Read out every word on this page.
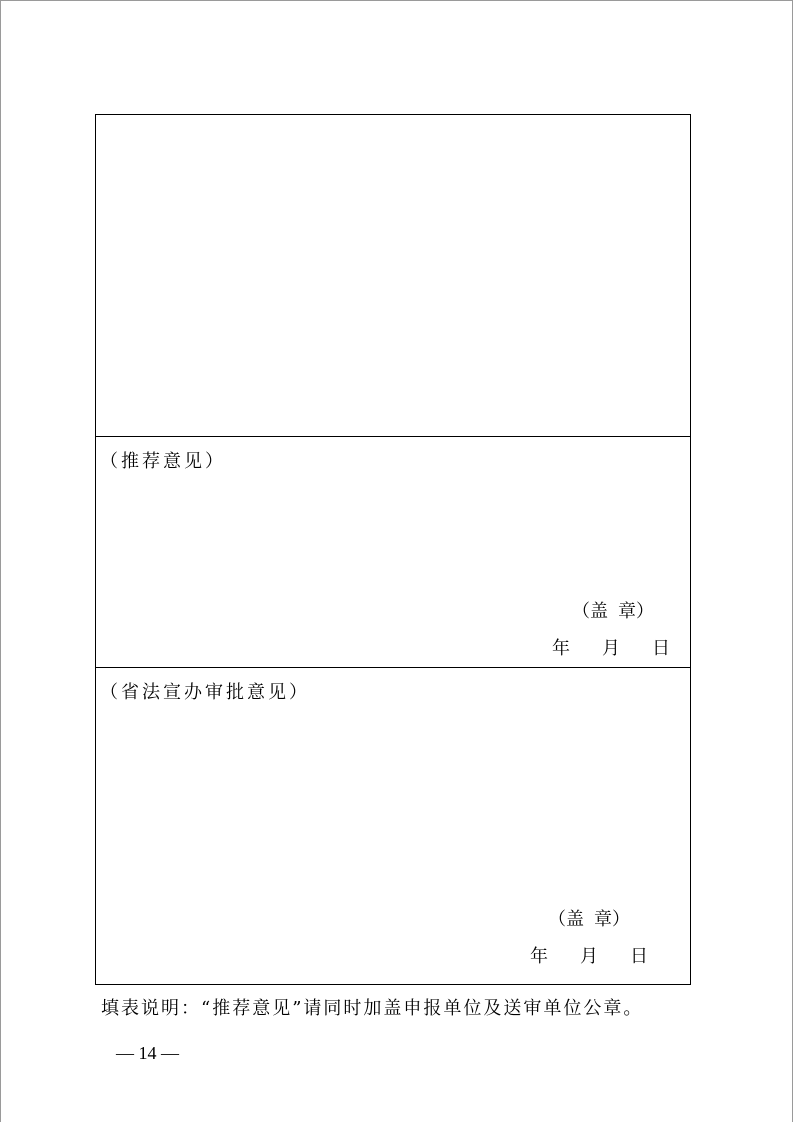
（推荐意见）
（盖 章）
年 月 日
（省法宣办审批意见）
（盖 章）
年 月 日
填表说明：“推荐意见”请同时加盖申报单位及送审单位公章。
— 14 —
